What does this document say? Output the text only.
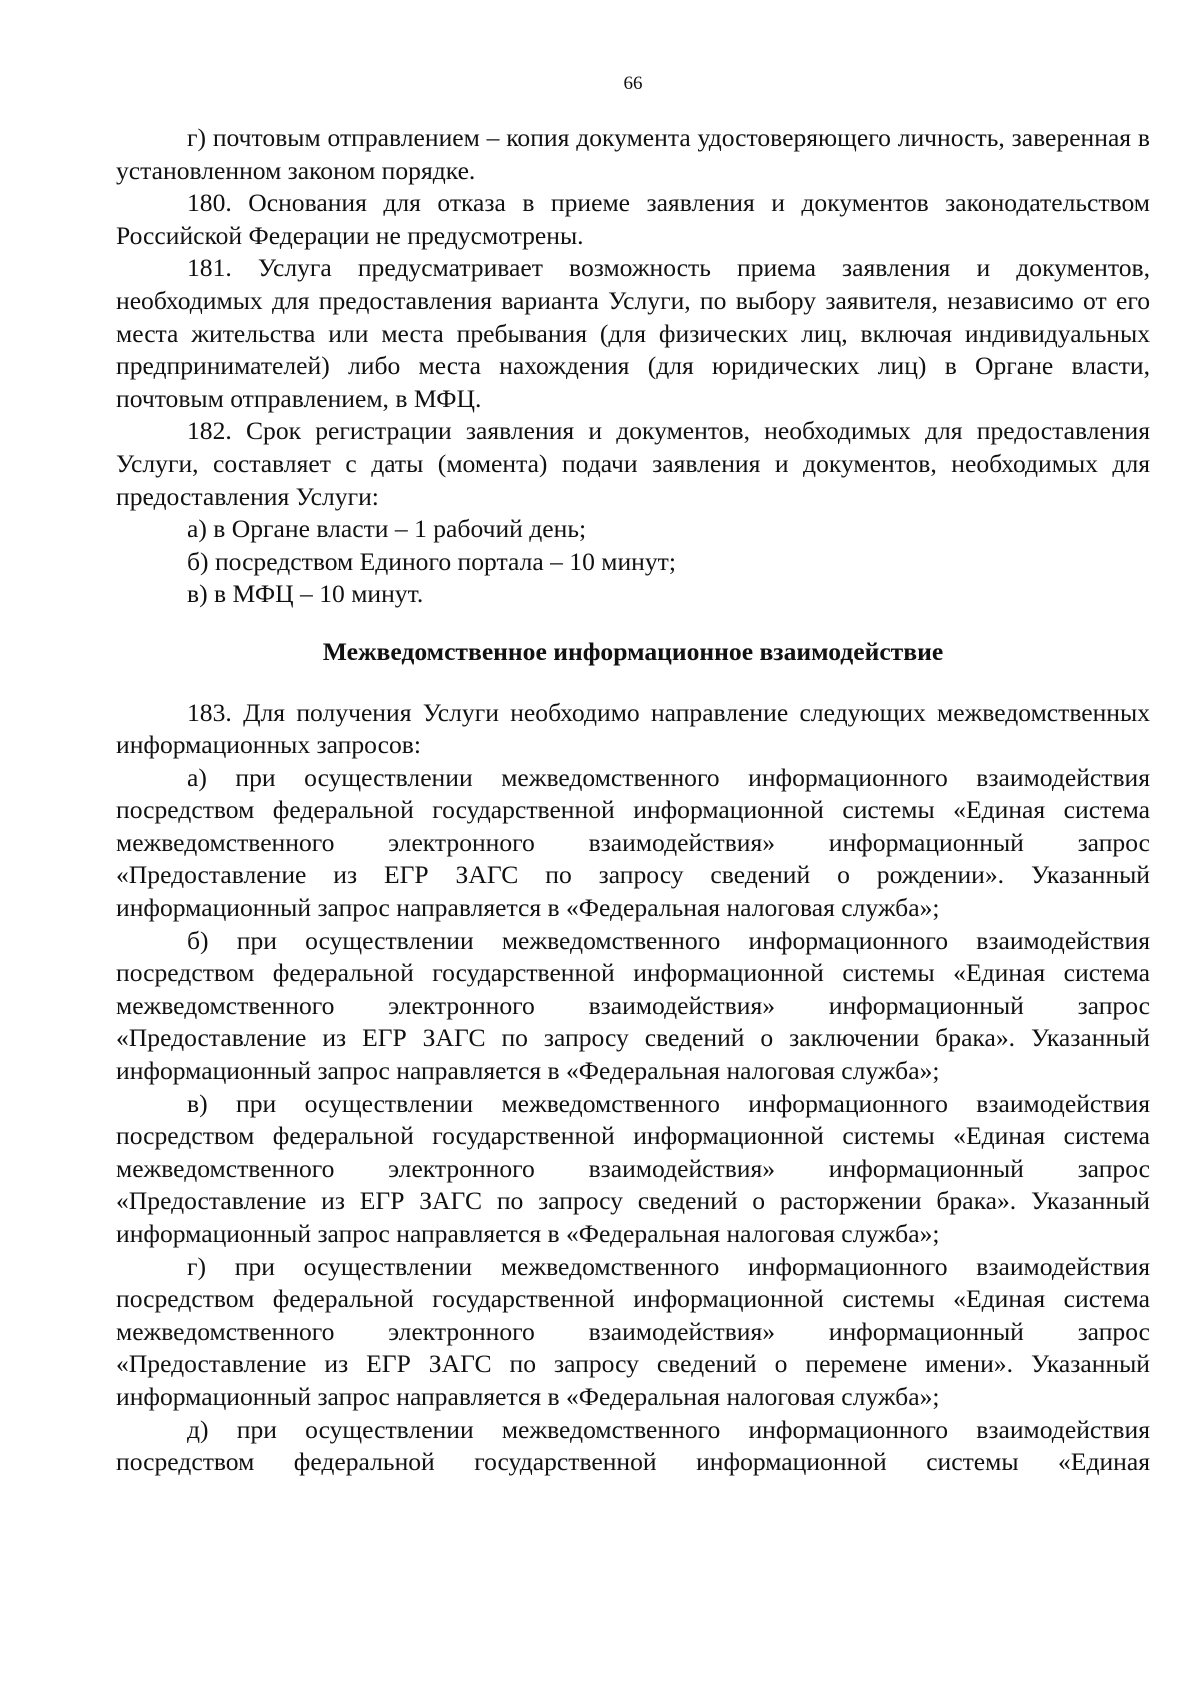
66

г) почтовым отправлением – копия документа удостоверяющего личность, заверенная в установленном законом порядке.

180. Основания для отказа в приеме заявления и документов законодательством Российской Федерации не предусмотрены.

181. Услуга предусматривает возможность приема заявления и документов, необходимых для предоставления варианта Услуги, по выбору заявителя, независимо от его места жительства или места пребывания (для физических лиц, включая индивидуальных предпринимателей) либо места нахождения (для юридических лиц) в Органе власти, почтовым отправлением, в МФЦ.

182. Срок регистрации заявления и документов, необходимых для предоставления Услуги, составляет с даты (момента) подачи заявления и документов, необходимых для предоставления Услуги:

а) в Органе власти – 1 рабочий день;

б) посредством Единого портала – 10 минут;

в) в МФЦ – 10 минут.

Межведомственное информационное взаимодействие

183. Для получения Услуги необходимо направление следующих межведомственных информационных запросов:

а) при осуществлении межведомственного информационного взаимодействия посредством федеральной государственной информационной системы «Единая система межведомственного электронного взаимодействия» информационный запрос «Предоставление из ЕГР ЗАГС по запросу сведений о рождении». Указанный информационный запрос направляется в «Федеральная налоговая служба»;

б) при осуществлении межведомственного информационного взаимодействия посредством федеральной государственной информационной системы «Единая система межведомственного электронного взаимодействия» информационный запрос «Предоставление из ЕГР ЗАГС по запросу сведений о заключении брака». Указанный информационный запрос направляется в «Федеральная налоговая служба»;

в) при осуществлении межведомственного информационного взаимодействия посредством федеральной государственной информационной системы «Единая система межведомственного электронного взаимодействия» информационный запрос «Предоставление из ЕГР ЗАГС по запросу сведений о расторжении брака». Указанный информационный запрос направляется в «Федеральная налоговая служба»;

г) при осуществлении межведомственного информационного взаимодействия посредством федеральной государственной информационной системы «Единая система межведомственного электронного взаимодействия» информационный запрос «Предоставление из ЕГР ЗАГС по запросу сведений о перемене имени». Указанный информационный запрос направляется в «Федеральная налоговая служба»;

д) при осуществлении межведомственного информационного взаимодействия посредством федеральной государственной информационной системы «Единая
